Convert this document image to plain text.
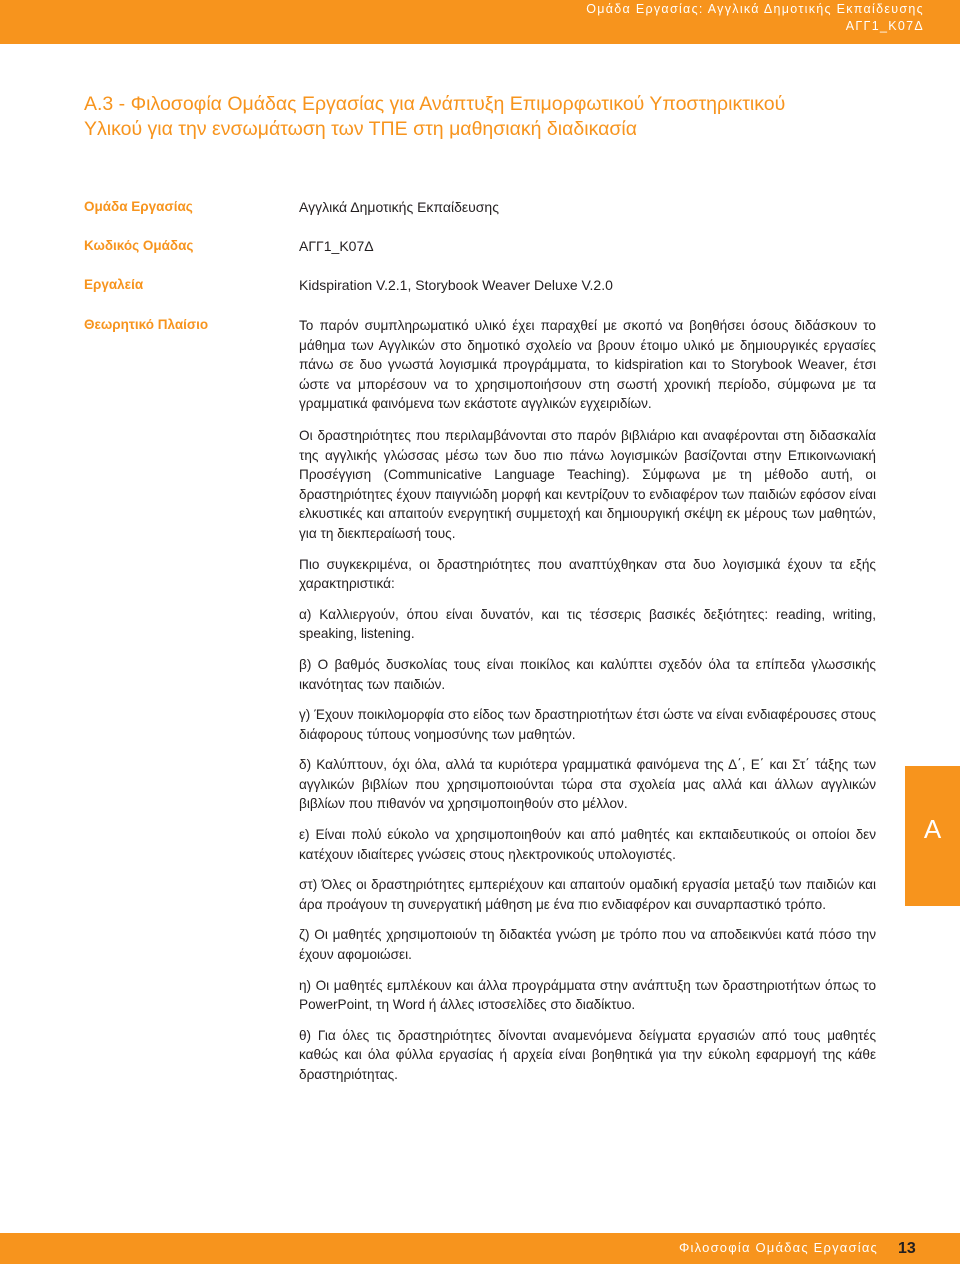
Ομάδα Εργασίας: Αγγλικά Δημοτικής Εκπαίδευσης
ΑΓΓ1_Κ07Δ
Α.3 - Φιλοσοφία Ομάδας Εργασίας για Ανάπτυξη Επιμορφωτικού Υποστηρικτικού
Υλικού για την ενσωμάτωση των ΤΠΕ στη μαθησιακή διαδικασία
Ομάδα Εργασίας	Αγγλικά Δημοτικής Εκπαίδευσης
Κωδικός Ομάδας	ΑΓΓ1_Κ07Δ
Εργαλεία	Kidspiration V.2.1, Storybook Weaver Deluxe V.2.0
Θεωρητικό Πλαίσιο	Το παρόν συμπληρωματικό υλικό έχει παραχθεί με σκοπό να βοηθήσει όσους διδάσκουν το μάθημα των Αγγλικών στο δημοτικό σχολείο να βρουν έτοιμο υλικό με δημιουργικές εργασίες πάνω σε δυο γνωστά λογισμικά προγράμματα, το kidspiration και το Storybook Weaver, έτσι ώστε να μπορέσουν να το χρησιμοποιήσουν στη σωστή χρονική περίοδο, σύμφωνα με τα γραμματικά φαινόμενα των εκάστοτε αγγλικών εγχειριδίων.

Οι δραστηριότητες που περιλαμβάνονται στο παρόν βιβλιάριο και αναφέρονται στη διδασκαλία της αγγλικής γλώσσας μέσω των δυο πιο πάνω λογισμικών βασίζονται στην Επικοινωνιακή Προσέγγιση (Communicative Language Teaching). Σύμφωνα με τη μέθοδο αυτή, οι δραστηριότητες έχουν παιγνιώδη μορφή και κεντρίζουν το ενδιαφέρον των παιδιών εφόσον είναι ελκυστικές και απαιτούν ενεργητική συμμετοχή και δημιουργική σκέψη εκ μέρους των μαθητών, για τη διεκπεραίωσή τους.

Πιο συγκεκριμένα, οι δραστηριότητες που αναπτύχθηκαν στα δυο λογισμικά έχουν τα εξής χαρακτηριστικά:

α) Καλλιεργούν, όπου είναι δυνατόν, και τις τέσσερις βασικές δεξιότητες: reading, writing, speaking, listening.

β) Ο βαθμός δυσκολίας τους είναι ποικίλος και καλύπτει σχεδόν όλα τα επίπεδα γλωσσικής ικανότητας των παιδιών.

γ) Έχουν ποικιλομορφία στο είδος των δραστηριοτήτων έτσι ώστε να είναι ενδιαφέρουσες στους διάφορους τύπους νοημοσύνης των μαθητών.

δ) Καλύπτουν, όχι όλα, αλλά τα κυριότερα γραμματικά φαινόμενα της Δ΄, Ε΄ και Στ΄ τάξης των αγγλικών βιβλίων που χρησιμοποιούνται τώρα στα σχολεία μας αλλά και άλλων αγγλικών βιβλίων που πιθανόν να χρησιμοποιηθούν στο μέλλον.

ε) Είναι πολύ εύκολο να χρησιμοποιηθούν και από μαθητές και εκπαιδευτικούς οι οποίοι δεν κατέχουν ιδιαίτερες γνώσεις στους ηλεκτρονικούς υπολογιστές.

στ) Όλες οι δραστηριότητες εμπεριέχουν και απαιτούν ομαδική εργασία μεταξύ των παιδιών και άρα προάγουν τη συνεργατική μάθηση με ένα πιο ενδιαφέρον και συναρπαστικό τρόπο.

ζ) Οι μαθητές χρησιμοποιούν τη διδακτέα γνώση με τρόπο που να αποδεικνύει κατά πόσο την έχουν αφομοιώσει.

η) Οι μαθητές εμπλέκουν και άλλα προγράμματα στην ανάπτυξη των δραστηριοτήτων όπως το PowerPoint, τη Word ή άλλες ιστοσελίδες στο διαδίκτυο.

θ) Για όλες τις δραστηριότητες δίνονται αναμενόμενα δείγματα εργασιών από τους μαθητές καθώς και όλα φύλλα εργασίας ή αρχεία είναι βοηθητικά για την εύκολη εφαρμογή της κάθε δραστηριότητας.

Α
Φιλοσοφία Ομάδας Εργασίας 13
